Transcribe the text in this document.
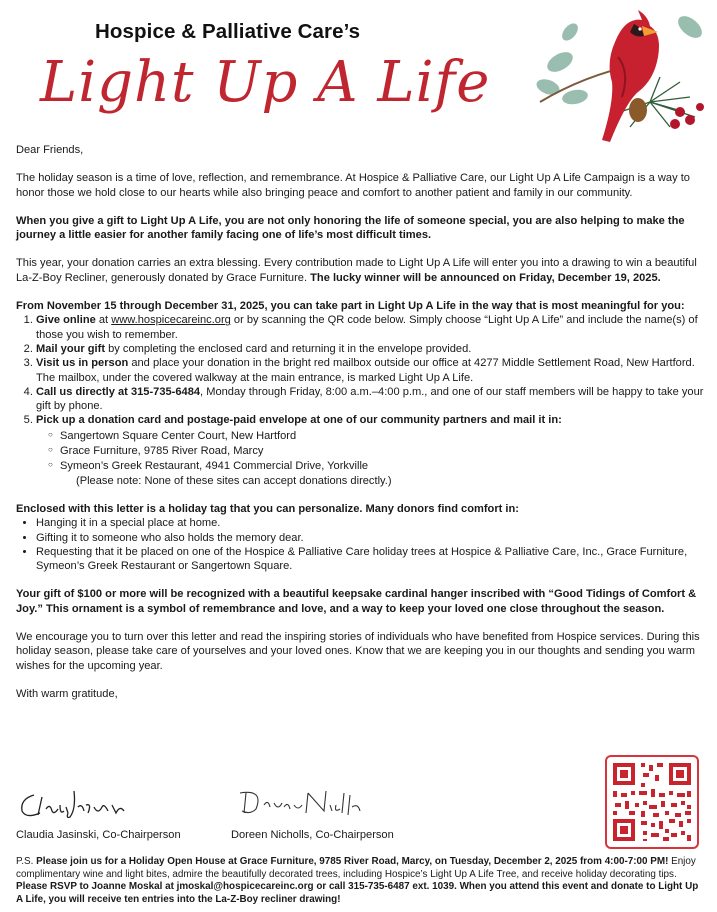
Hospice & Palliative Care’s
Light Up A Life

Dear Friends,

The holiday season is a time of love, reflection, and remembrance. At Hospice & Palliative Care, our Light Up A Life Campaign is a way to honor those we hold close to our hearts while also bringing peace and comfort to another patient and family in our community.

When you give a gift to Light Up A Life, you are not only honoring the life of someone special, you are also helping to make the journey a little easier for another family facing one of life’s most difficult times.

This year, your donation carries an extra blessing. Every contribution made to Light Up A Life will enter you into a drawing to win a beautiful La-Z-Boy Recliner, generously donated by Grace Furniture. The lucky winner will be announced on Friday, December 19, 2025.

From November 15 through December 31, 2025, you can take part in Light Up A Life in the way that is most meaningful for you:

1. Give online at www.hospicecareinc.org or by scanning the QR code below. Simply choose “Light Up A Life” and include the name(s) of those you wish to remember.
2. Mail your gift by completing the enclosed card and returning it in the envelope provided.
3. Visit us in person and place your donation in the bright red mailbox outside our office at 4277 Middle Settlement Road, New Hartford. The mailbox, under the covered walkway at the main entrance, is marked Light Up A Life.
4. Call us directly at 315-735-6484, Monday through Friday, 8:00 a.m.–4:00 p.m., and one of our staff members will be happy to take your gift by phone.
5. Pick up a donation card and postage-paid envelope at one of our community partners and mail it in:
○ Sangertown Square Center Court, New Hartford
○ Grace Furniture, 9785 River Road, Marcy
○ Symeon’s Greek Restaurant, 4941 Commercial Drive, Yorkville
(Please note: None of these sites can accept donations directly.)

Enclosed with this letter is a holiday tag that you can personalize. Many donors find comfort in:

• Hanging it in a special place at home.
• Gifting it to someone who also holds the memory dear.
• Requesting that it be placed on one of the Hospice & Palliative Care holiday trees at Hospice & Palliative Care, Inc., Grace Furniture, Symeon’s Greek Restaurant or Sangertown Square.

Your gift of $100 or more will be recognized with a beautiful keepsake cardinal hanger inscribed with “Good Tidings of Comfort & Joy.” This ornament is a symbol of remembrance and love, and a way to keep your loved one close throughout the season.

We encourage you to turn over this letter and read the inspiring stories of individuals who have benefited from Hospice services. During this holiday season, please take care of yourselves and your loved ones. Know that we are keeping you in our thoughts and sending you warm wishes for the upcoming year.

With warm gratitude,

Claudia Jasinski, Co-Chairperson	Doreen Nicholls, Co-Chairperson
P.S. Please join us for a Holiday Open House at Grace Furniture, 9785 River Road, Marcy, on Tuesday, December 2, 2025 from 4:00-7:00 PM! Enjoy complimentary wine and light bites, admire the beautifully decorated trees, including Hospice’s Light Up A Life Tree, and receive holiday decorating tips. Please RSVP to Joanne Moskal at jmoskal@hospicecareinc.org or call 315-735-6487 ext. 1039. When you attend this event and donate to Light Up A Life, you will receive ten entries into the La-Z-Boy recliner drawing!
